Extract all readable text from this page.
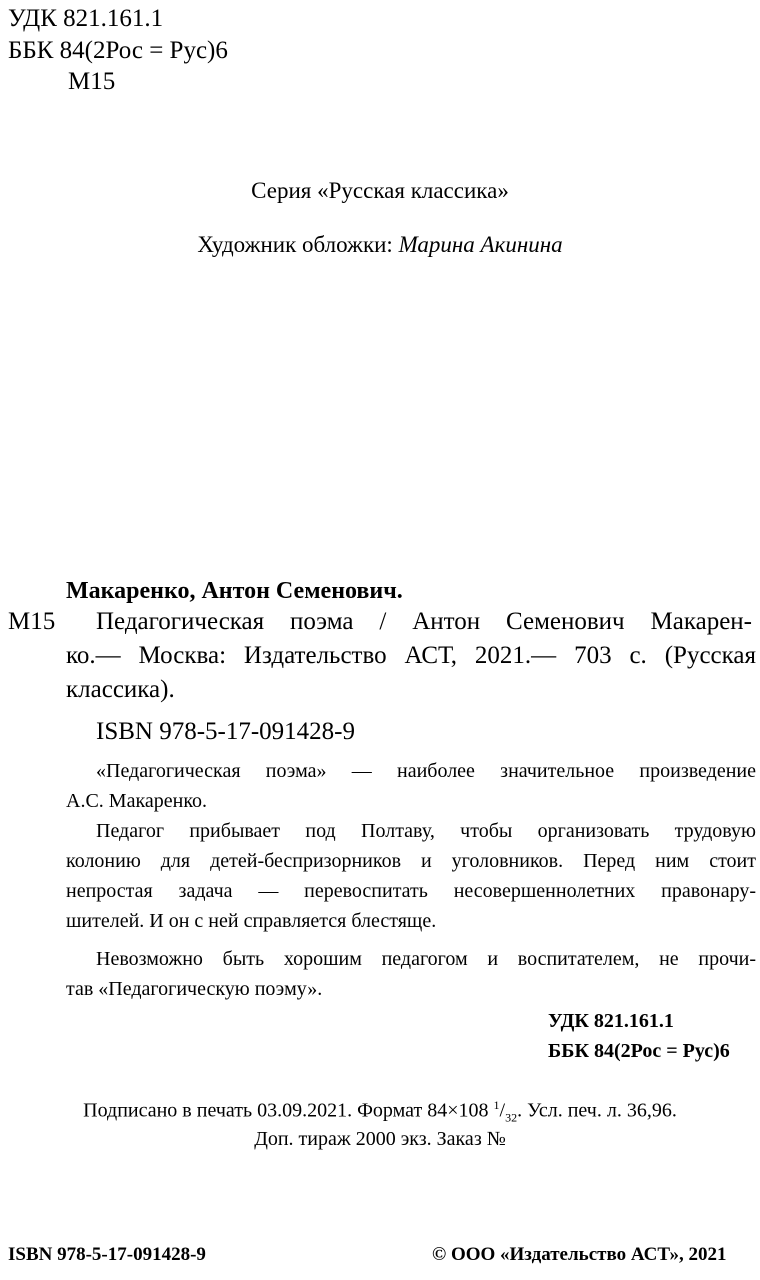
УДК 821.161.1
ББК 84(2Рос = Рус)6
М15
Серия «Русская классика»
Художник обложки: Марина Акинина
Макаренко, Антон Семенович.
М15 Педагогическая поэма / Антон Семенович Макарен-
ко.— Москва: Издательство АСТ, 2021.— 703 с. (Русская
классика).
ISBN 978-5-17-091428-9
«Педагогическая поэма» — наиболее значительное произведение
А.С. Макаренко.
Педагог прибывает под Полтаву, чтобы организовать трудовую
колонию для детей-беспризорников и уголовников. Перед ним стоит
непростая задача — перевоспитать несовершеннолетних правонару-
шителей. И он с ней справляется блестяще.
Невозможно быть хорошим педагогом и воспитателем, не прочи-
тав «Педагогическую поэму».
УДК 821.161.1
ББК 84(2Рос = Рус)6
Подписано в печать 03.09.2021. Формат 84×108 $^1/_{32}$. Усл. печ. л. 36,96.
Доп. тираж 2000 экз. Заказ №
ISBN 978-5-17-091428-9	© ООО «Издательство АСТ», 2021
